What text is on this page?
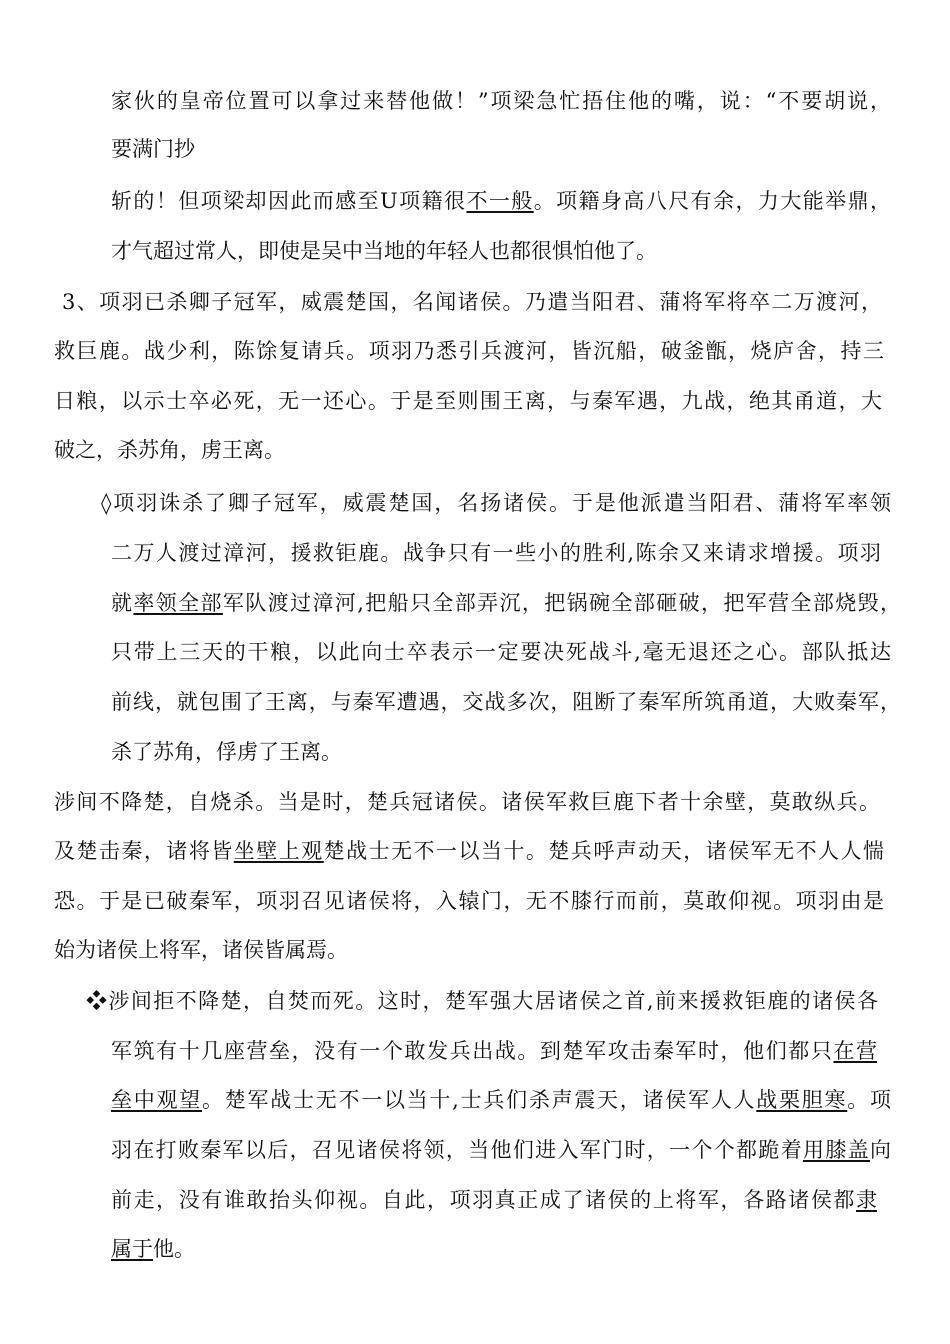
家伙的皇帝位置可以拿过来替他做！”项梁急忙捂住他的嘴，说：“不要胡说，
要满门抄
斩的！但项梁却因此而感至U项籍很不一般。项籍身高八尺有余，力大能举鼎，
才气超过常人，即使是吴中当地的年轻人也都很惧怕他了。
3、项羽已杀卿子冠军，威震楚国，名闻诸侯。乃遣当阳君、蒲将军将卒二万渡河，
救巨鹿。战少利，陈馀复请兵。项羽乃悉引兵渡河，皆沉船，破釜甑，烧庐舍，持三
日粮，以示士卒必死，无一还心。于是至则围王离，与秦军遇，九战，绝其甬道，大
破之，杀苏角，虏王离。
◊项羽诛杀了卿子冠军，威震楚国，名扬诸侯。于是他派遣当阳君、蒲将军率领
二万人渡过漳河，援救钜鹿。战争只有一些小的胜利,陈余又来请求增援。项羽
就率领全部军队渡过漳河,把船只全部弄沉，把锅碗全部砸破，把军营全部烧毁，
只带上三天的干粮，以此向士卒表示一定要决死战斗,毫无退还之心。部队抵达
前线，就包围了王离，与秦军遭遇，交战多次，阻断了秦军所筑甬道，大败秦军，
杀了苏角，俘虏了王离。
涉间不降楚，自烧杀。当是时，楚兵冠诸侯。诸侯军救巨鹿下者十余壁，莫敢纵兵。
及楚击秦，诸将皆坐壁上观楚战士无不一以当十。楚兵呼声动天，诸侯军无不人人惴
恐。于是已破秦军，项羽召见诸侯将，入辕门，无不膝行而前，莫敢仰视。项羽由是
始为诸侯上将军，诸侯皆属焉。
❖涉间拒不降楚，自焚而死。这时，楚军强大居诸侯之首,前来援救钜鹿的诸侯各
军筑有十几座营垒，没有一个敢发兵出战。到楚军攻击秦军时，他们都只在营
垒中观望。楚军战士无不一以当十,士兵们杀声震天，诸侯军人人战栗胆寒。项
羽在打败秦军以后，召见诸侯将领，当他们进入军门时，一个个都跪着用膝盖向
前走，没有谁敢抬头仰视。自此，项羽真正成了诸侯的上将军，各路诸侯都隶
属于他。
